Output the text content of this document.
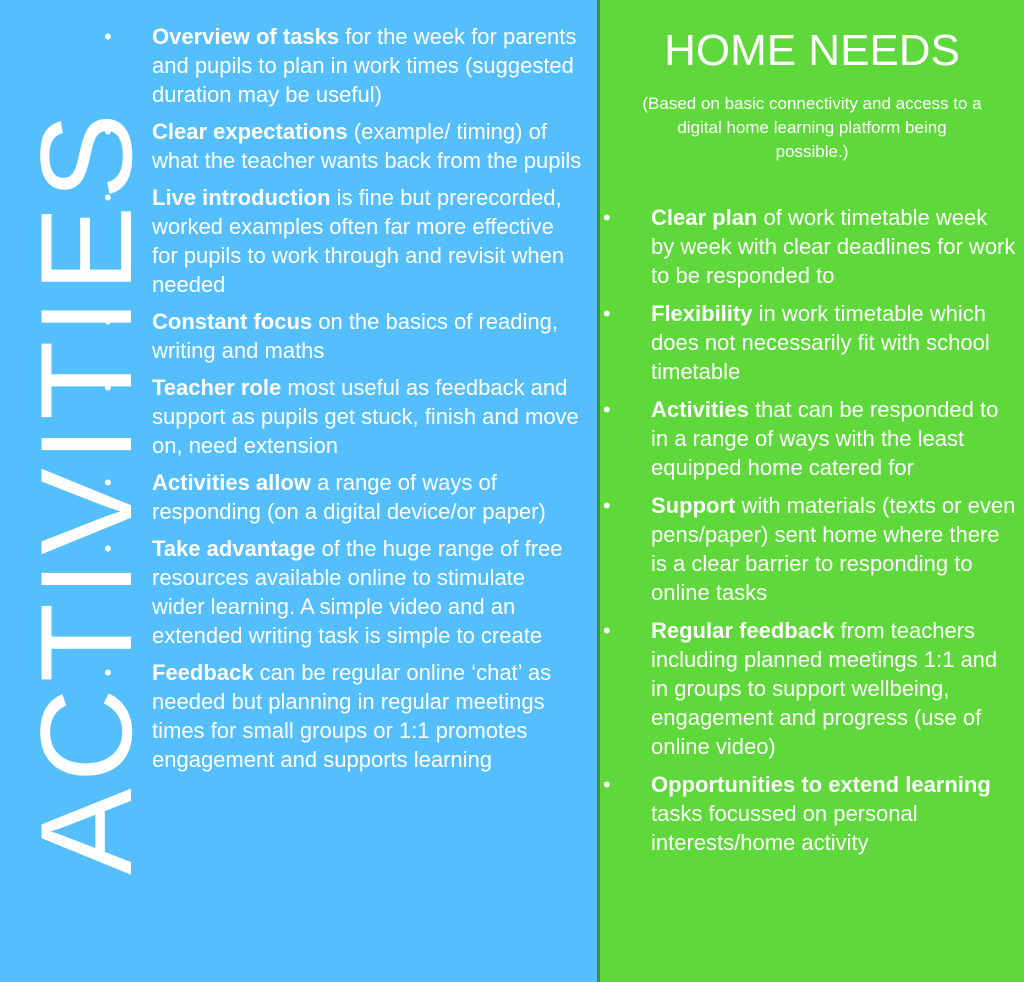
ACTIVITIES
• Overview of tasks for the week for parents and pupils to plan in work times (suggested duration may be useful)
• Clear expectations (example/ timing) of what the teacher wants back from the pupils
• Live introduction is fine but prerecorded, worked examples often far more effective for pupils to work through and revisit when needed
• Constant focus on the basics of reading, writing and maths
• Teacher role most useful as feedback and support as pupils get stuck, finish and move on, need extension
• Activities allow a range of ways of responding (on a digital device/or paper)
• Take advantage of the huge range of free resources available online to stimulate wider learning. A simple video and an extended writing task is simple to create
• Feedback can be regular online ‘chat’ as needed but planning in regular meetings times for small groups or 1:1 promotes engagement and supports learning
HOME NEEDS
(Based on basic connectivity and access to a digital home learning platform being possible.)
• Clear plan of work timetable week by week with clear deadlines for work to be responded to
• Flexibility in work timetable which does not necessarily fit with school timetable
• Activities that can be responded to in a range of ways with the least equipped home catered for
• Support with materials (texts or even pens/paper) sent home where there is a clear barrier to responding to online tasks
• Regular feedback from teachers including planned meetings 1:1 and in groups to support wellbeing, engagement and progress (use of online video)
• Opportunities to extend learning tasks focussed on personal interests/home activity
